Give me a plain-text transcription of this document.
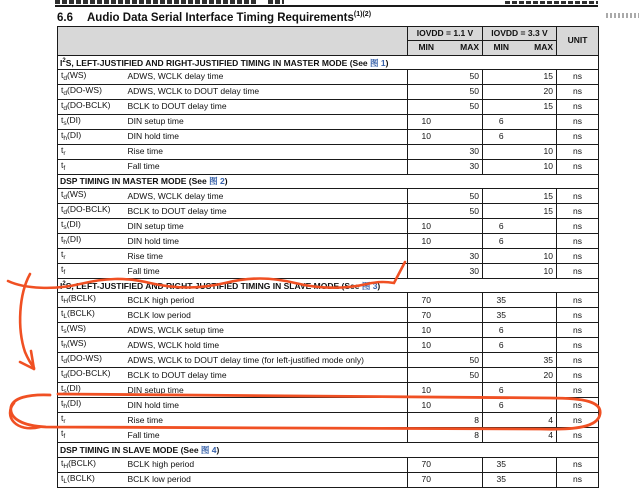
6.6 Audio Data Serial Interface Timing Requirements$^{(1)(2)}$
		IOVDD = 1.1 V		IOVDD = 3.3 V		UNIT
		MIN	MAX	MIN	MAX	
$I^2S$, LEFT-JUSTIFIED AND RIGHT-JUSTIFIED TIMING IN MASTER MODE (See 图 1)						
$t_d(WS)$	ADWS, WCLK delay time		50		15	ns
$t_d(DO-WS)$	ADWS, WCLK to DOUT delay time		50		20	ns
$t_d(DO-BCLK)$	BCLK to DOUT delay time		50		15	ns
$t_s(DI)$	DIN setup time	10		6		ns
$t_h(DI)$	DIN hold time	10		6		ns
$t_r$	Rise time		30		10	ns
$t_f$	Fall time		30		10	ns
DSP TIMING IN MASTER MODE (See 图 2)						
$t_d(WS)$	ADWS, WCLK delay time		50		15	ns
$t_d(DO-BCLK)$	BCLK to DOUT delay time		50		15	ns
$t_s(DI)$	DIN setup time	10		6		ns
$t_h(DI)$	DIN hold time	10		6		ns
$t_r$	Rise time		30		10	ns
$t_f$	Fall time		30		10	ns
$I^2S$, LEFT-JUSTIFIED AND RIGHT-JUSTIFIED TIMING IN SLAVE MODE (See 图 3)						
$t_H(BCLK)$	BCLK high period	70		35		ns
$t_L(BCLK)$	BCLK low period	70		35		ns
$t_s(WS)$	ADWS, WCLK setup time	10		6		ns
$t_h(WS)$	ADWS, WCLK hold time	10		6		ns
$t_d(DO-WS)$	ADWS, WCLK to DOUT delay time (for left-justified mode only)		50		35	ns
$t_d(DO-BCLK)$	BCLK to DOUT delay time		50		20	ns
$t_s(DI)$	DIN setup time	10		6		ns
$t_h(DI)$	DIN hold time	10		6		ns
$t_r$	Rise time		8		4	ns
$t_f$	Fall time		8		4	ns
DSP TIMING IN SLAVE MODE (See 图 4)						
$t_H(BCLK)$	BCLK high period	70		35		ns
$t_L(BCLK)$	BCLK low period	70		35		ns
